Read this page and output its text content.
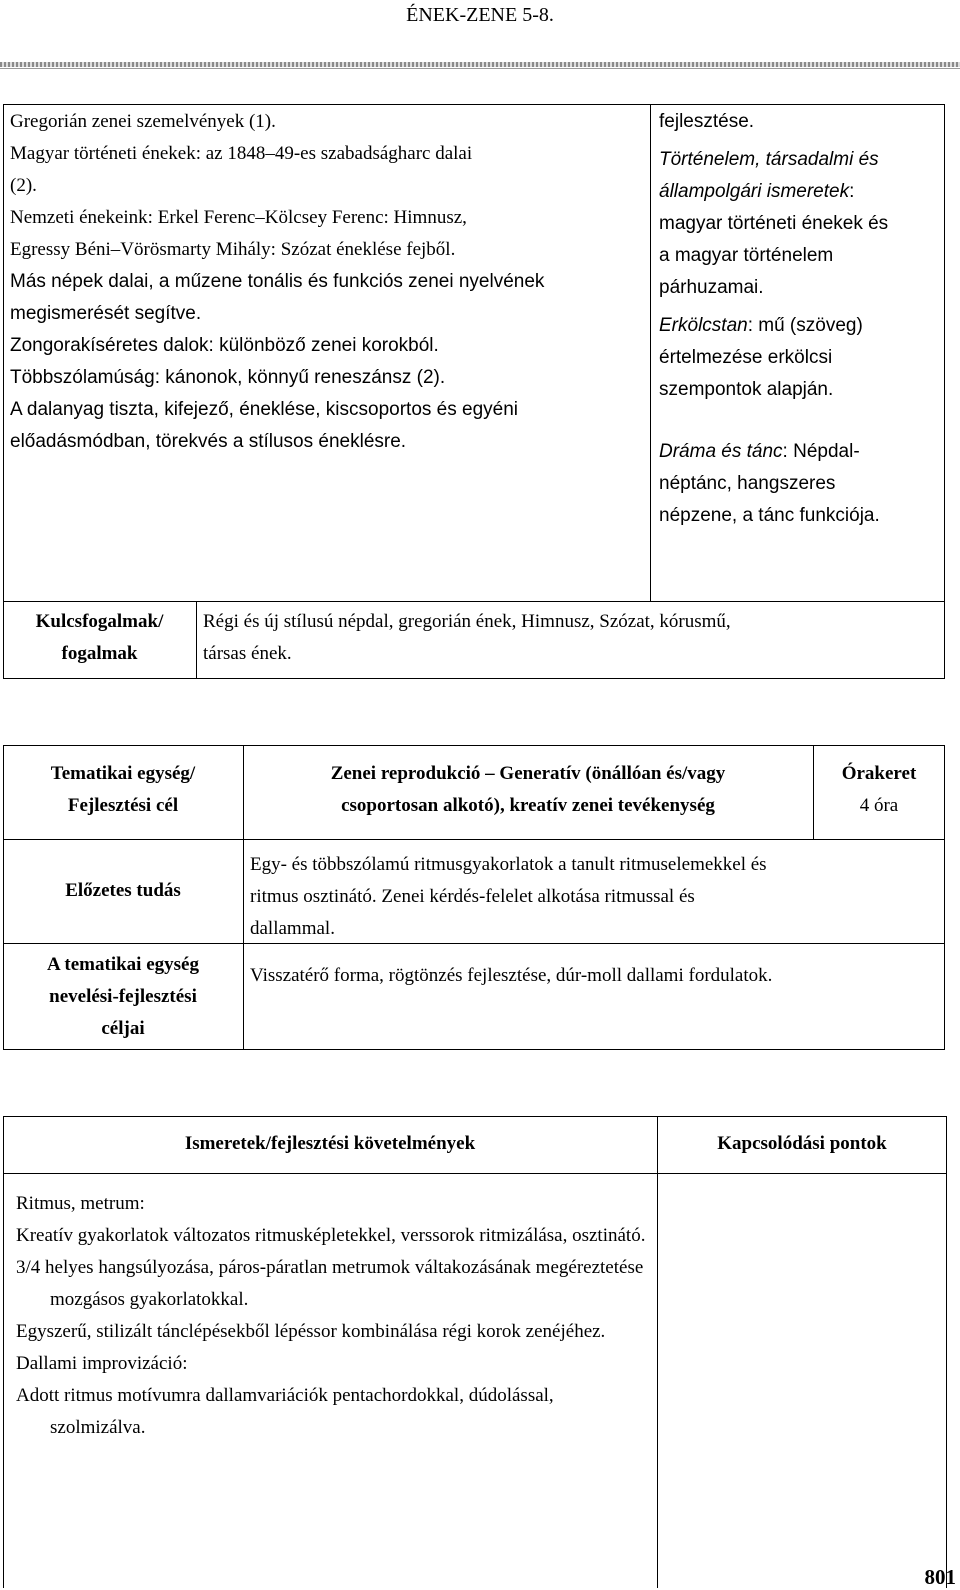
ÉNEK-ZENE 5-8.
Gregorián zenei szemelvények (1).
Magyar történeti énekek: az 1848–49-es szabadságharc dalai
(2).
Nemzeti énekeink: Erkel Ferenc–Kölcsey Ferenc: Himnusz,
Egressy Béni–Vörösmarty Mihály: Szózat éneklése fejből.
Más népek dalai, a műzene tonális és funkciós zenei nyelvének
megismerését segítve.
Zongorakíséretes dalok: különböző zenei korokból.
Többszólamúság: kánonok, könnyű reneszánsz (2).
A dalanyag tiszta, kifejező, éneklése, kiscsoportos és egyéni
előadásmódban, törekvés a stílusos éneklésre.
fejlesztése.
Történelem, társadalmi és
állampolgári ismeretek:
magyar történeti énekek és
a magyar történelem
párhuzamai.
Erkölcstan: mű (szöveg)
értelmezése erkölcsi
szempontok alapján.
Dráma és tánc: Népdal-
néptánc, hangszeres
népzene, a tánc funkciója.
Kulcsfogalmak/
fogalmak
Régi és új stílusú népdal, gregorián ének, Himnusz, Szózat, kórusmű,
társas ének.
Tematikai egység/
Fejlesztési cél
Zenei reprodukció – Generatív (önállóan és/vagy
csoportosan alkotó), kreatív zenei tevékenység
Órakeret
4 óra
Előzetes tudás
Egy- és többszólamú ritmusgyakorlatok a tanult ritmuselemekkel és
ritmus osztinátó. Zenei kérdés-felelet alkotása ritmussal és
dallammal.
A tematikai egység
nevelési-fejlesztési
céljai
Visszatérő forma, rögtönzés fejlesztése, dúr-moll dallami fordulatok.
Ismeretek/fejlesztési követelmények	Kapcsolódási pontok
Ritmus, metrum:
Kreatív gyakorlatok változatos ritmusképletekkel, verssorok ritmizálása, osztinátó.
3/4 helyes hangsúlyozása, páros-páratlan metrumok váltakozásának megéreztetése mozgásos gyakorlatokkal.
Egyszerű, stilizált tánclépésekből lépéssor kombinálása régi korok zenéjéhez.
Dallami improvizáció:
Adott ritmus motívumra dallamvariációk pentachordokkal, dúdolással, szolmizálva.
801
